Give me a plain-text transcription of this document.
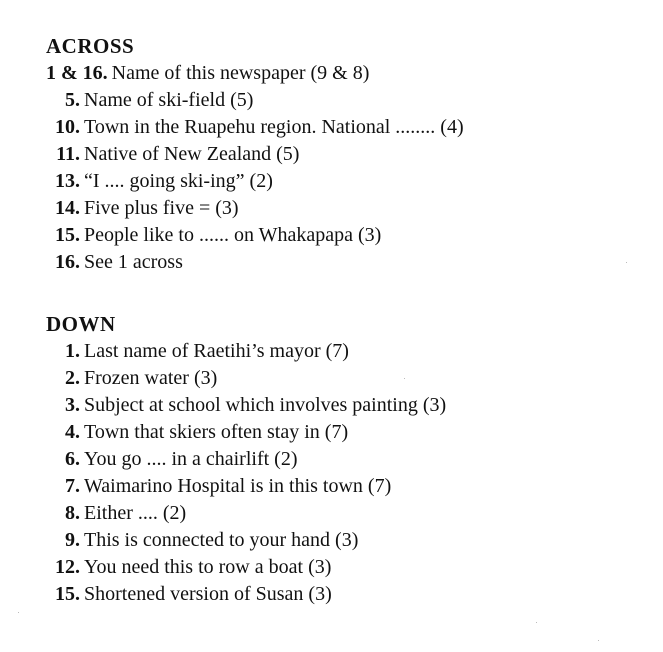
ACROSS
1 & 16. Name of this newspaper (9 & 8)
5. Name of ski-field (5)
10. Town in the Ruapehu region. National ........ (4)
11. Native of New Zealand (5)
13. “I .... going ski-ing” (2)
14. Five plus five = (3)
15. People like to ...... on Whakapapa (3)
16. See 1 across
DOWN
1. Last name of Raetihi’s mayor (7)
2. Frozen water (3)
3. Subject at school which involves painting (3)
4. Town that skiers often stay in (7)
6. You go .... in a chairlift (2)
7. Waimarino Hospital is in this town (7)
8. Either .... (2)
9. This is connected to your hand (3)
12. You need this to row a boat (3)
15. Shortened version of Susan (3)
